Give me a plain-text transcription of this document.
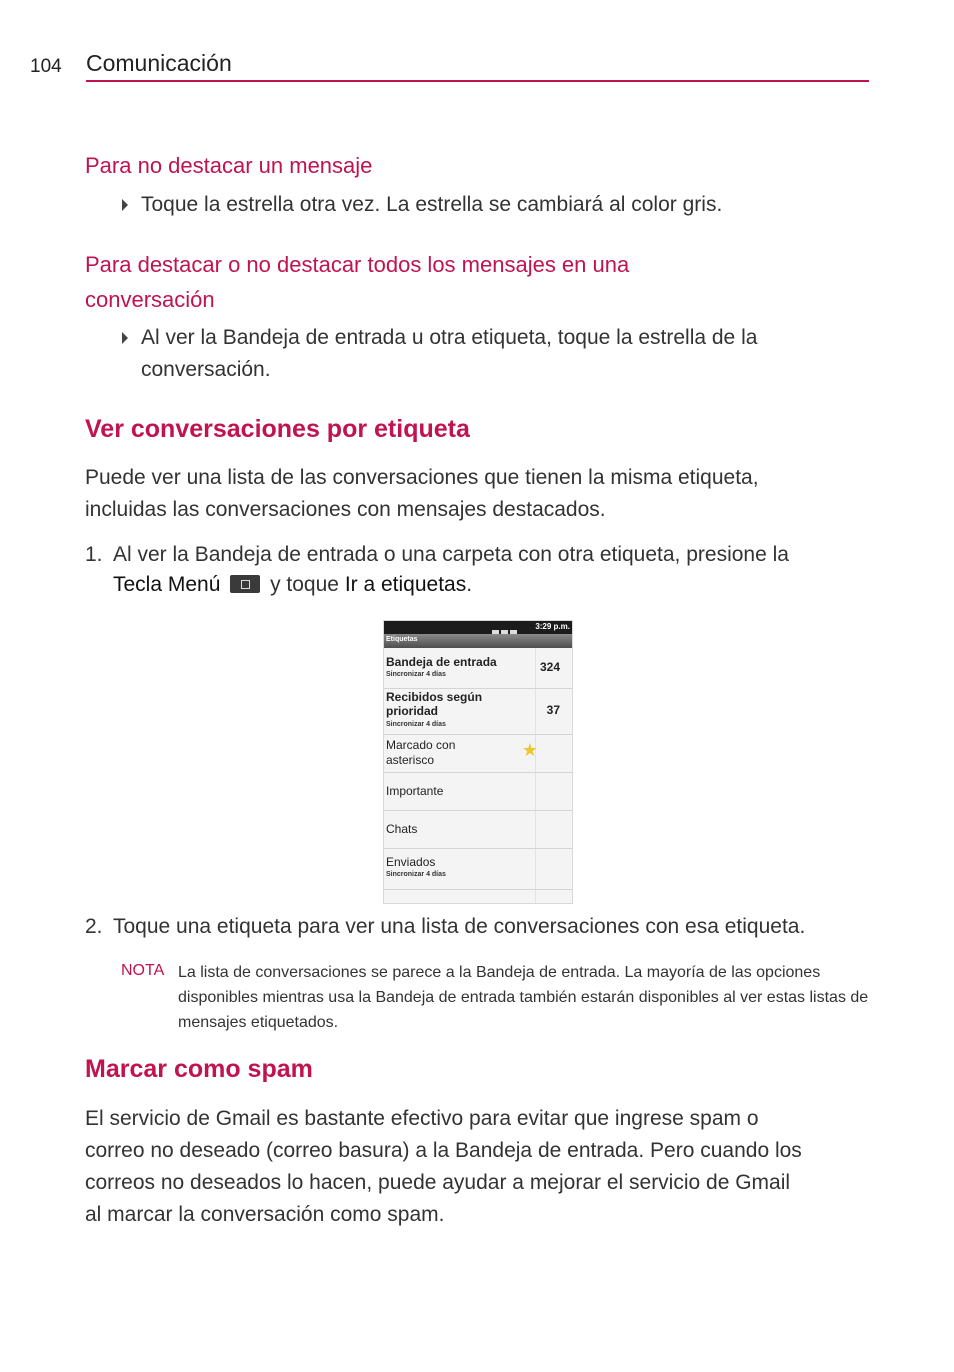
104 Comunicación
Para no destacar un mensaje
Toque la estrella otra vez. La estrella se cambiará al color gris.
Para destacar o no destacar todos los mensajes en una
conversación
Al ver la Bandeja de entrada u otra etiqueta, toque la estrella de la
conversación.
Ver conversaciones por etiqueta
Puede ver una lista de las conversaciones que tienen la misma etiqueta,
incluidas las conversaciones con mensajes destacados.
1. Al ver la Bandeja de entrada o una carpeta con otra etiqueta, presione la
Tecla Menú y toque Ir a etiquetas.
3:29 p.m.
Etiquetas
Bandeja de entrada
Sincronizar 4 días
324
Recibidos según
prioridad
Sincronizar 4 días
37
Marcado con
asterisco	★
Importante
Chats
Enviados
Sincronizar 4 días
2. Toque una etiqueta para ver una lista de conversaciones con esa etiqueta.
NOTA La lista de conversaciones se parece a la Bandeja de entrada. La mayoría de las opciones disponibles mientras usa la Bandeja de entrada también estarán disponibles al ver estas listas de mensajes etiquetados.
Marcar como spam
El servicio de Gmail es bastante efectivo para evitar que ingrese spam o
correo no deseado (correo basura) a la Bandeja de entrada. Pero cuando los
correos no deseados lo hacen, puede ayudar a mejorar el servicio de Gmail
al marcar la conversación como spam.
